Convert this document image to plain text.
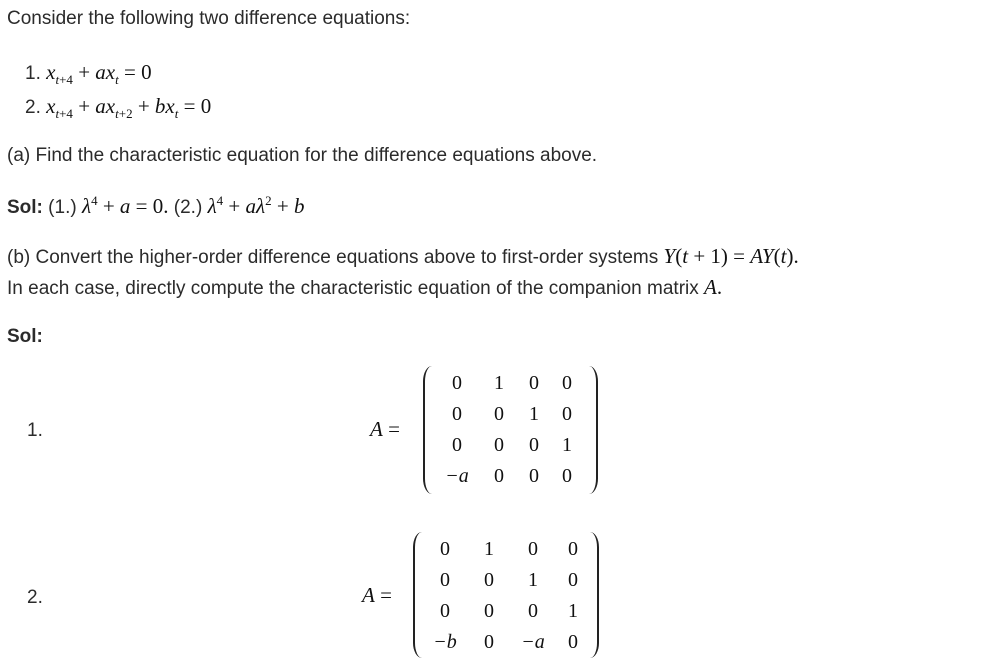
Consider the following two difference equations:
1. $x_{t+4} + ax_t = 0$
2. $x_{t+4} + ax_{t+2} + bx_t = 0$
(a) Find the characteristic equation for the difference equations above.
Sol: (1.) $\lambda^4 + a = 0$. (2.) $\lambda^4 + a\lambda^2 + b$
(b) Convert the higher-order difference equations above to first-order systems Y(t + 1) = AY(t).
In each case, directly compute the characteristic equation of the companion matrix A.
Sol:
1.	A =
0	1	0	0
0	0	1	0
0	0	0	1
−a	0	0	0
2.	A =
0	1	0	0
0	0	1	0
0	0	0	1
−b	0	−a	0
